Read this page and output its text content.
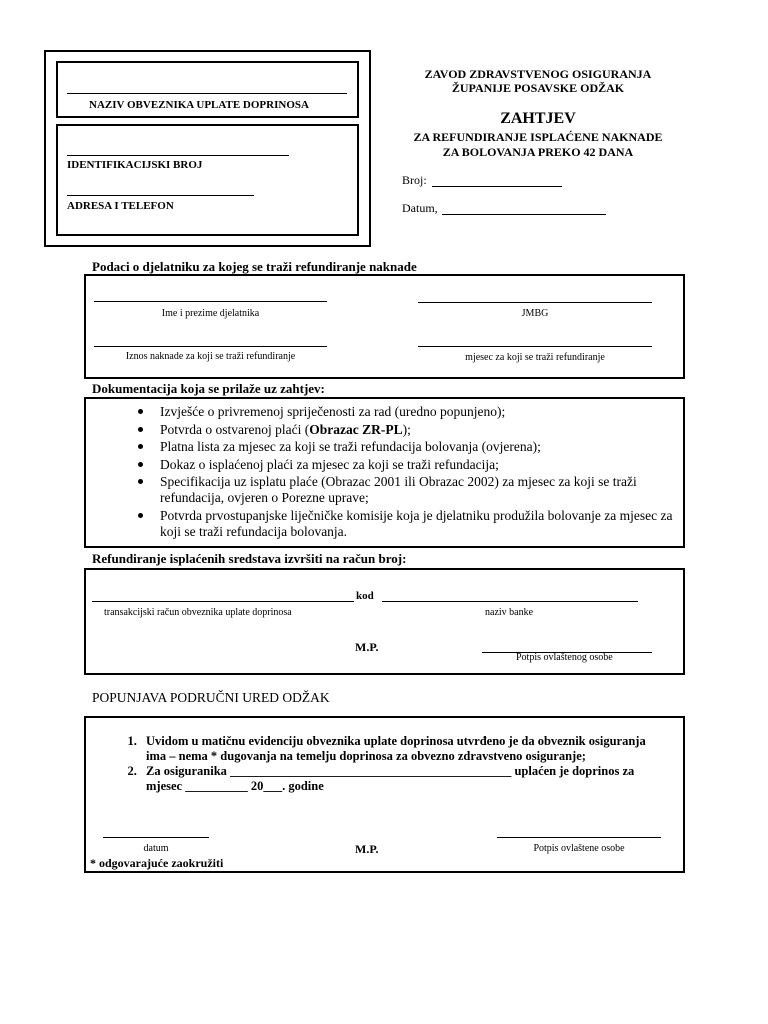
NAZIV OBVEZNIKA UPLATE DOPRINOSA
IDENTIFIKACIJSKI BROJ
ADRESA I TELEFON
ZAVOD ZDRAVSTVENOG OSIGURANJA
ŽUPANIJE POSAVSKE ODŽAK
ZAHTJEV
ZA REFUNDIRANJE ISPLAĆENE NAKNADE
ZA BOLOVANJA PREKO 42 DANA
Broj:
Datum,
Podaci o djelatniku za kojeg se traži refundiranje naknade
Ime i prezime djelatnika	JMBG
Iznos naknade za koji se traži refundiranje	mjesec za koji se traži refundiranje
Dokumentacija koja se prilaže uz zahtjev:
Izvješće o privremenoj spriječenosti za rad (uredno popunjeno);
Potvrda o ostvarenoj plaći (Obrazac ZR-PL);
Platna lista za mjesec za koji se traži refundacija bolovanja (ovjerena);
Dokaz o isplaćenoj plaći za mjesec za koji se traži refundacija;
Specifikacija uz isplatu plaće (Obrazac 2001 ili Obrazac 2002) za mjesec za koji se traži refundacija, ovjeren o Porezne uprave;
Potvrda prvostupanjske liječničke komisije koja je djelatniku produžila bolovanje za mjesec za koji se traži refundacija bolovanja.
Refundiranje isplaćenih sredstava izvršiti na račun broj:
kod
transakcijski račun obveznika uplate doprinosa	naziv banke
M.P.
Potpis ovlaštenog osobe
POPUNJAVA PODRUČNI URED ODŽAK
1. Uvidom u matičnu evidenciju obveznika uplate doprinosa utvrđeno je da obveznik osiguranja ima – nema * dugovanja na temelju doprinosa za obvezno zdravstveno osiguranje;
2. Za osiguranika _____________________________________________ uplaćen je doprinos za mjesec __________ 20___. godine
datum	M.P.	Potpis ovlaštene osobe
* odgovarajuće zaokružiti
